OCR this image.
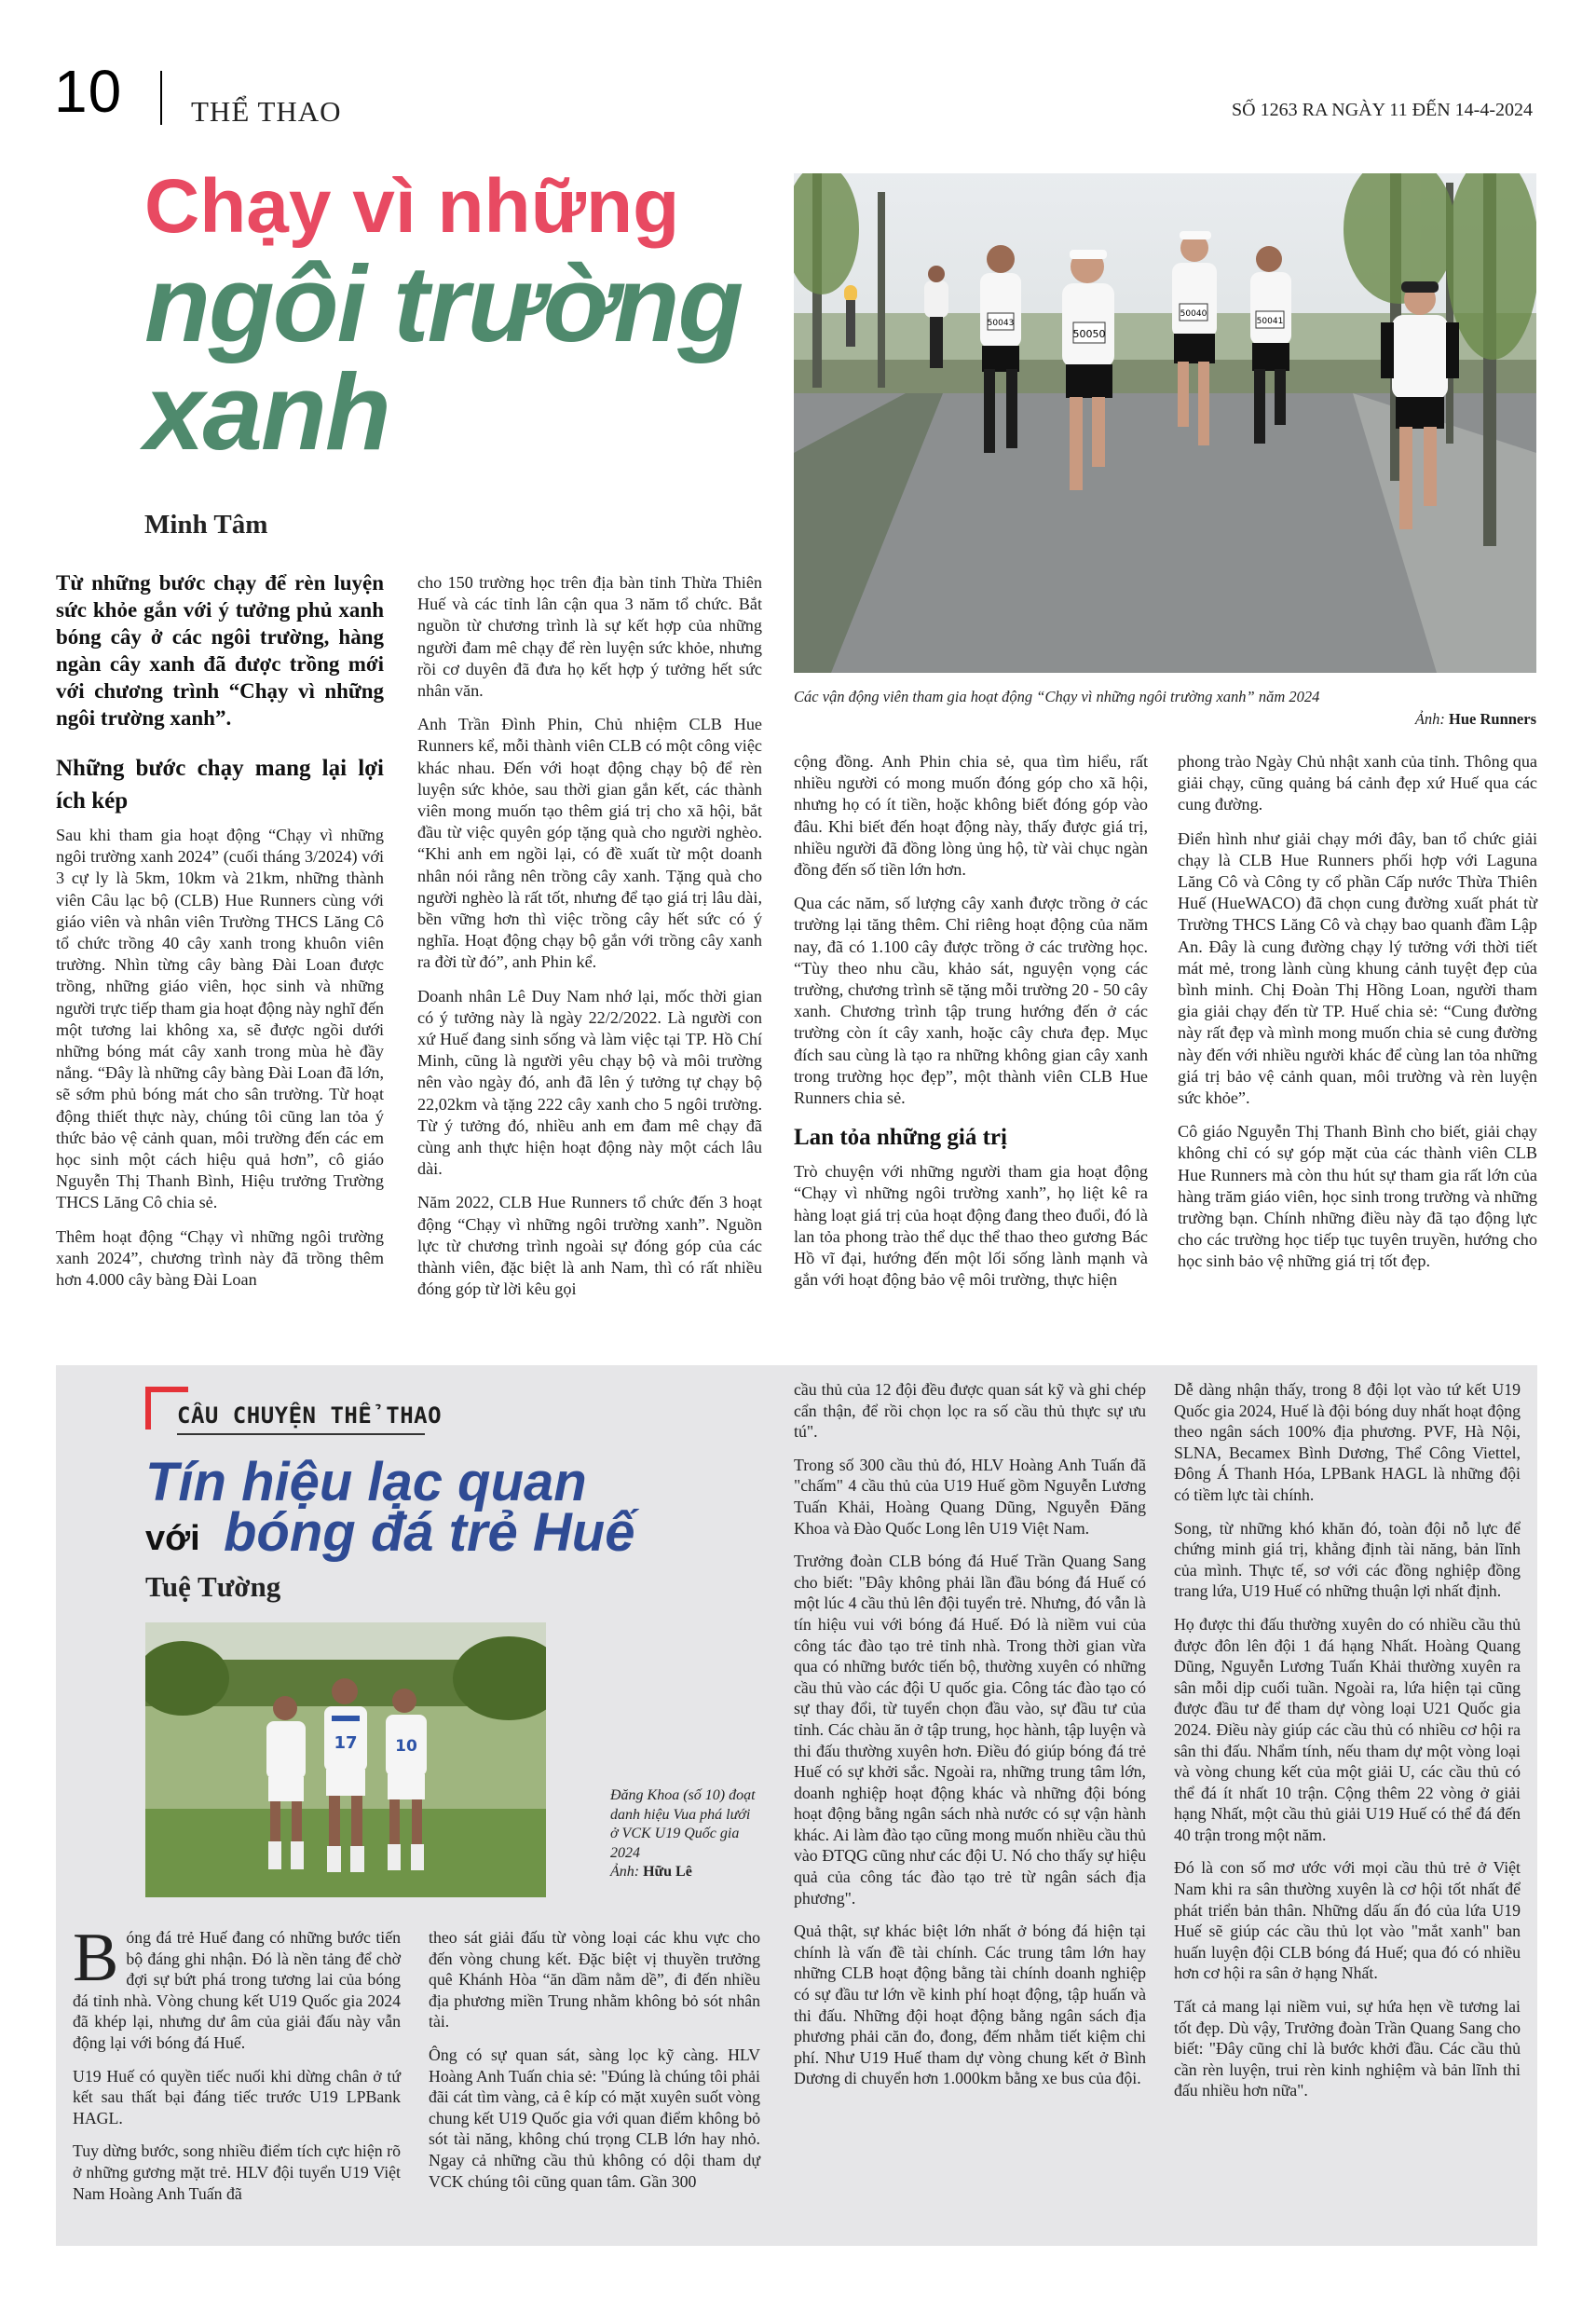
10 THỂ THAO	SỐ 1263 RA NGÀY 11 ĐẾN 14-4-2024
Chạy vì những
ngôi trường
xanh
Minh Tâm
50043
50050
50040
50041
Các vận động viên tham gia hoạt động “Chạy vì những ngôi trường xanh” năm 2024
Ảnh: Hue Runners

Từ những bước chạy để rèn luyện sức khỏe gắn với ý tưởng phủ xanh bóng cây ở các ngôi trường, hàng ngàn cây xanh đã được trồng mới với chương trình “Chạy vì những ngôi trường xanh”.

Những bước chạy mang lại lợi ích kép

Sau khi tham gia hoạt động “Chạy vì những ngôi trường xanh 2024” (cuối tháng 3/2024) với 3 cự ly là 5km, 10km và 21km, những thành viên Câu lạc bộ (CLB) Hue Runners cùng với giáo viên và nhân viên Trường THCS Lăng Cô tổ chức trồng 40 cây xanh trong khuôn viên trường. Nhìn từng cây bàng Đài Loan được trồng, những giáo viên, học sinh và những người trực tiếp tham gia hoạt động này nghĩ đến một tương lai không xa, sẽ được ngồi dưới những bóng mát cây xanh trong mùa hè đầy nắng. “Đây là những cây bàng Đài Loan đã lớn, sẽ sớm phủ bóng mát cho sân trường. Từ hoạt động thiết thực này, chúng tôi cũng lan tỏa ý thức bảo vệ cảnh quan, môi trường đến các em học sinh một cách hiệu quả hơn”, cô giáo Nguyễn Thị Thanh Bình, Hiệu trưởng Trường THCS Lăng Cô chia sẻ.

Thêm hoạt động “Chạy vì những ngôi trường xanh 2024”, chương trình này đã trồng thêm hơn 4.000 cây bàng Đài Loan

cho 150 trường học trên địa bàn tỉnh Thừa Thiên Huế và các tỉnh lân cận qua 3 năm tổ chức. Bắt nguồn từ chương trình là sự kết hợp của những người đam mê chạy để rèn luyện sức khỏe, nhưng rồi cơ duyên đã đưa họ kết hợp ý tưởng hết sức nhân văn.

Anh Trần Đình Phin, Chủ nhiệm CLB Hue Runners kể, mỗi thành viên CLB có một công việc khác nhau. Đến với hoạt động chạy bộ để rèn luyện sức khỏe, sau thời gian gắn kết, các thành viên mong muốn tạo thêm giá trị cho xã hội, bắt đầu từ việc quyên góp tặng quà cho người nghèo. “Khi anh em ngồi lại, có đề xuất từ một doanh nhân nói rằng nên trồng cây xanh. Tặng quà cho người nghèo là rất tốt, nhưng để tạo giá trị lâu dài, bền vững hơn thì việc trồng cây hết sức có ý nghĩa. Hoạt động chạy bộ gắn với trồng cây xanh ra đời từ đó”, anh Phin kể.

Doanh nhân Lê Duy Nam nhớ lại, mốc thời gian có ý tưởng này là ngày 22/2/2022. Là người con xứ Huế đang sinh sống và làm việc tại TP. Hồ Chí Minh, cũng là người yêu chạy bộ và môi trường nên vào ngày đó, anh đã lên ý tưởng tự chạy bộ 22,02km và tặng 222 cây xanh cho 5 ngôi trường. Từ ý tưởng đó, nhiều anh em đam mê chạy đã cùng anh thực hiện hoạt động này một cách lâu dài.

Năm 2022, CLB Hue Runners tổ chức đến 3 hoạt động “Chạy vì những ngôi trường xanh”. Nguồn lực từ chương trình ngoài sự đóng góp của các thành viên, đặc biệt là anh Nam, thì có rất nhiều đóng góp từ lời kêu gọi

cộng đồng. Anh Phin chia sẻ, qua tìm hiểu, rất nhiều người có mong muốn đóng góp cho xã hội, nhưng họ có ít tiền, hoặc không biết đóng góp vào đâu. Khi biết đến hoạt động này, thấy được giá trị, nhiều người đã đồng lòng ủng hộ, từ vài chục ngàn đồng đến số tiền lớn hơn.

Qua các năm, số lượng cây xanh được trồng ở các trường lại tăng thêm. Chỉ riêng hoạt động của năm nay, đã có 1.100 cây được trồng ở các trường học. “Tùy theo nhu cầu, khảo sát, nguyện vọng các trường, chương trình sẽ tặng mỗi trường 20 - 50 cây xanh. Chương trình tập trung hướng đến ở các trường còn ít cây xanh, hoặc cây chưa đẹp. Mục đích sau cùng là tạo ra những không gian cây xanh trong trường học đẹp”, một thành viên CLB Hue Runners chia sẻ.

Lan tỏa những giá trị

Trò chuyện với những người tham gia hoạt động “Chạy vì những ngôi trường xanh”, họ liệt kê ra hàng loạt giá trị của hoạt động đang theo đuổi, đó là lan tỏa phong trào thể dục thể thao theo gương Bác Hồ vĩ đại, hướng đến một lối sống lành mạnh và gắn với hoạt động bảo vệ môi trường, thực hiện

phong trào Ngày Chủ nhật xanh của tỉnh. Thông qua giải chạy, cũng quảng bá cảnh đẹp xứ Huế qua các cung đường.

Điển hình như giải chạy mới đây, ban tổ chức giải chạy là CLB Hue Runners phối hợp với Laguna Lăng Cô và Công ty cổ phần Cấp nước Thừa Thiên Huế (HueWACO) đã chọn cung đường xuất phát từ Trường THCS Lăng Cô và chạy bao quanh đầm Lập An. Đây là cung đường chạy lý tưởng với thời tiết mát mẻ, trong lành cùng khung cảnh tuyệt đẹp của bình minh. Chị Đoàn Thị Hồng Loan, người tham gia giải chạy đến từ TP. Huế chia sẻ: “Cung đường này rất đẹp và mình mong muốn chia sẻ cung đường này đến với nhiều người khác để cùng lan tỏa những giá trị bảo vệ cảnh quan, môi trường và rèn luyện sức khỏe”.

Cô giáo Nguyễn Thị Thanh Bình cho biết, giải chạy không chỉ có sự góp mặt của các thành viên CLB Hue Runners mà còn thu hút sự tham gia rất lớn của hàng trăm giáo viên, học sinh trong trường và những trường bạn. Chính những điều này đã tạo động lực cho các trường học tiếp tục tuyên truyền, hướng cho học sinh bảo vệ những giá trị tốt đẹp.

CÂU CHUYỆN THỂ THAO
Tín hiệu lạc quan
với bóng đá trẻ Huế
Tuệ Tường
17 10
Đăng Khoa (số 10) đoạt danh hiệu Vua phá lưới ở VCK U19 Quốc gia 2024
Ảnh: Hữu Lê

Bóng đá trẻ Huế đang có những bước tiến bộ đáng ghi nhận. Đó là nền tảng để chờ đợi sự bứt phá trong tương lai của bóng đá tỉnh nhà. Vòng chung kết U19 Quốc gia 2024 đã khép lại, nhưng dư âm của giải đấu này vẫn động lại với bóng đá Huế.

U19 Huế có quyền tiếc nuối khi dừng chân ở tứ kết sau thất bại đáng tiếc trước U19 LPBank HAGL.

Tuy dừng bước, song nhiều điểm tích cực hiện rõ ở những gương mặt trẻ. HLV đội tuyển U19 Việt Nam Hoàng Anh Tuấn đã

theo sát giải đấu từ vòng loại các khu vực cho đến vòng chung kết. Đặc biệt vị thuyền trưởng quê Khánh Hòa “ăn dầm nằm dề”, đi đến nhiều địa phương miền Trung nhằm không bỏ sót nhân tài.

Ông có sự quan sát, sàng lọc kỹ càng. HLV Hoàng Anh Tuấn chia sẻ: "Đúng là chúng tôi phải đãi cát tìm vàng, cả ê kíp có mặt xuyên suốt vòng chung kết U19 Quốc gia với quan điểm không bỏ sót tài năng, không chú trọng CLB lớn hay nhỏ. Ngay cả những cầu thủ không có dội tham dự VCK chúng tôi cũng quan tâm. Gần 300

cầu thủ của 12 đội đều được quan sát kỹ và ghi chép cẩn thận, để rồi chọn lọc ra số cầu thủ thực sự ưu tú".

Trong số 300 cầu thủ đó, HLV Hoàng Anh Tuấn đã "chấm" 4 cầu thủ của U19 Huế gồm Nguyễn Lương Tuấn Khải, Hoàng Quang Dũng, Nguyễn Đăng Khoa và Đào Quốc Long lên U19 Việt Nam.

Trưởng đoàn CLB bóng đá Huế Trần Quang Sang cho biết: "Đây không phải lần đầu bóng đá Huế có một lúc 4 cầu thủ lên đội tuyển trẻ. Nhưng, đó vẫn là tín hiệu vui với bóng đá Huế. Đó là niềm vui của công tác đào tạo trẻ tỉnh nhà. Trong thời gian vừa qua có những bước tiến bộ, thường xuyên có những cầu thủ vào các đội U quốc gia. Công tác đào tạo có sự thay đổi, từ tuyển chọn đầu vào, sự đầu tư của tỉnh. Các chàu ăn ở tập trung, học hành, tập luyện và thi đấu thường xuyên hơn. Điều đó giúp bóng đá trẻ Huế có sự khởi sắc. Ngoài ra, những trung tâm lớn, doanh nghiệp hoạt động khác và những đội bóng hoạt động bằng ngân sách nhà nước có sự vận hành khác. Ai làm đào tạo cũng mong muốn nhiều cầu thủ vào ĐTQG cũng như các đội U. Nó cho thấy sự hiệu quả của công tác đào tạo trẻ từ ngân sách địa phương".

Quả thật, sự khác biệt lớn nhất ở bóng đá hiện tại chính là vấn đề tài chính. Các trung tâm lớn hay những CLB hoạt động bằng tài chính doanh nghiệp có sự đầu tư lớn về kinh phí hoạt động, tập huấn và thi đấu. Những đội hoạt động bằng ngân sách địa phương phải căn đo, đong, đếm nhằm tiết kiệm chi phí. Như U19 Huế tham dự vòng chung kết ở Bình Dương di chuyển hơn 1.000km bằng xe bus của đội.

Dễ dàng nhận thấy, trong 8 đội lọt vào tứ kết U19 Quốc gia 2024, Huế là đội bóng duy nhất hoạt động theo ngân sách 100% địa phương. PVF, Hà Nội, SLNA, Becamex Bình Dương, Thể Công Viettel, Đông Á Thanh Hóa, LPBank HAGL là những đội có tiềm lực tài chính.

Song, từ những khó khăn đó, toàn đội nỗ lực để chứng minh giá trị, khẳng định tài năng, bản lĩnh của mình. Thực tế, sơ với các đồng nghiệp đồng trang lứa, U19 Huế có những thuận lợi nhất định.

Họ được thi đấu thường xuyên do có nhiều cầu thủ được đôn lên đội 1 đá hạng Nhất. Hoàng Quang Dũng, Nguyễn Lương Tuấn Khải thường xuyên ra sân mỗi dịp cuối tuần. Ngoài ra, lứa hiện tại cũng được đầu tư để tham dự vòng loại U21 Quốc gia 2024. Điều này giúp các cầu thủ có nhiều cơ hội ra sân thi đấu. Nhẩm tính, nếu tham dự một vòng loại và vòng chung kết của một giải U, các cầu thủ có thể đá ít nhất 10 trận. Cộng thêm 22 vòng ở giải hạng Nhất, một cầu thủ giải U19 Huế có thể đá đến 40 trận trong một năm.

Đó là con số mơ ước với mọi cầu thủ trẻ ở Việt Nam khi ra sân thường xuyên là cơ hội tốt nhất để phát triển bản thân. Những dấu ấn đó của lứa U19 Huế sẽ giúp các cầu thủ lọt vào "mắt xanh" ban huấn luyện đội CLB bóng đá Huế; qua đó có nhiều hơn cơ hội ra sân ở hạng Nhất.

Tất cả mang lại niềm vui, sự hứa hẹn về tương lai tốt đẹp. Dù vậy, Trưởng đoàn Trần Quang Sang cho biết: "Đây cũng chỉ là bước khởi đầu. Các cầu thủ cần rèn luyện, trui rèn kinh nghiệm và bản lĩnh thi đấu nhiều hơn nữa".
